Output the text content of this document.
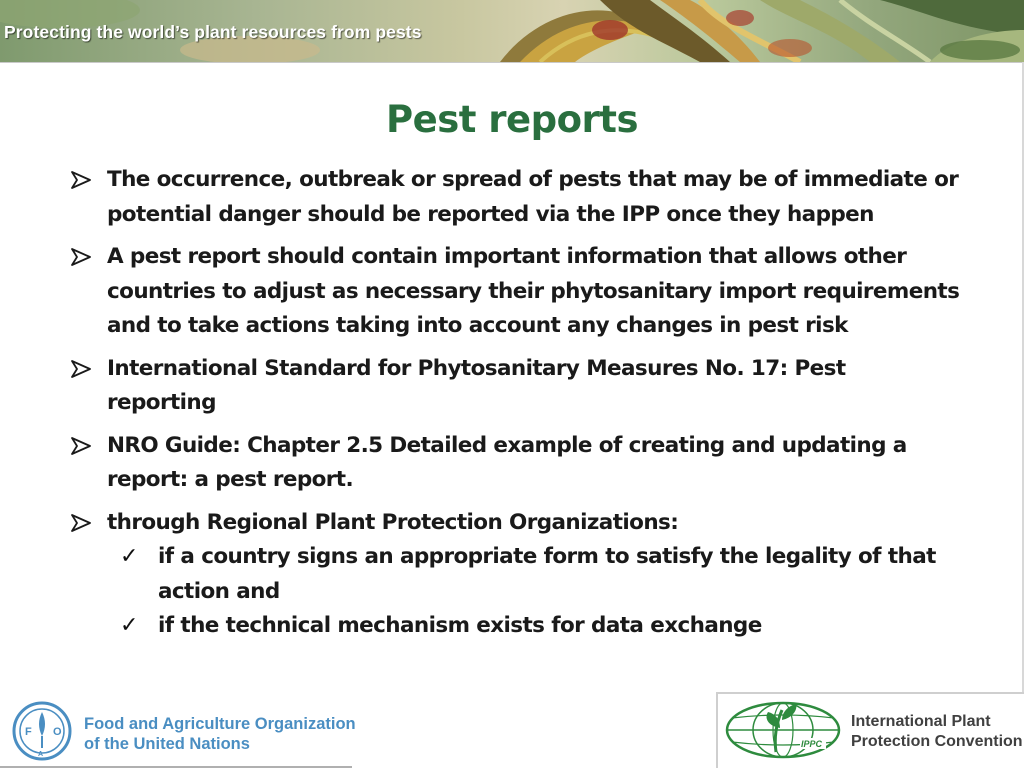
Protecting the world’s plant resources from pests
Pest reports
The occurrence, outbreak or spread of pests that may be of immediate or potential danger should be reported via the IPP once they happen
A pest report should contain important information that allows other countries to adjust as necessary their phytosanitary import requirements and to take actions taking into account any changes in pest risk
International Standard for Phytosanitary Measures No. 17: Pest reporting
NRO Guide: Chapter 2.5 Detailed example of creating and updating a report: a pest report.
through Regional Plant Protection Organizations:
✓ if a country signs an appropriate form to satisfy the legality of that action and
✓ if the technical mechanism exists for data exchange
F O
A
Food and Agriculture Organization
of the United Nations	IPPC
International Plant
Protection Convention
